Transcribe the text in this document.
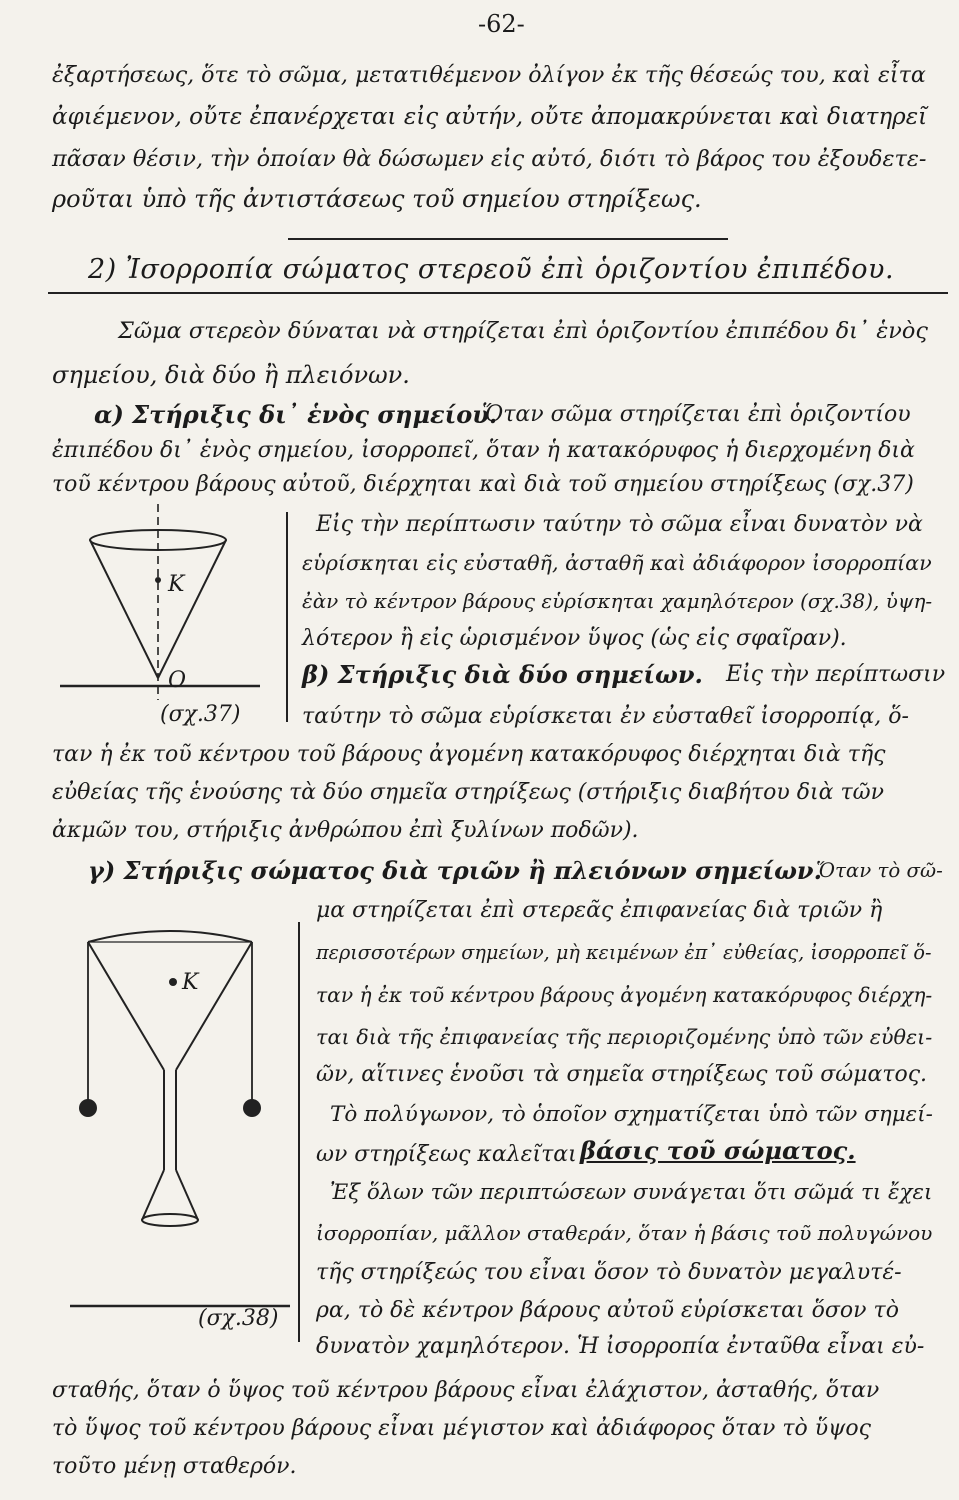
-62-
ἐξαρτήσεως, ὅτε τὸ σῶμα, μετατιθέμενον ὀλίγον ἐκ τῆς θέσεώς του, καὶ εἶτα
ἀφιέμενον, οὔτε ἐπανέρχεται εἰς αὐτήν, οὔτε ἀπομακρύνεται καὶ διατηρεῖ
πᾶσαν θέσιν, τὴν ὁποίαν θὰ δώσωμεν εἰς αὐτό, διότι τὸ βάρος του ἐξουδετε-
ροῦται ὑπὸ τῆς ἀντιστάσεως τοῦ σημείου στηρίξεως.
2) Ἰσορροπία σώματος στερεοῦ ἐπὶ ὁριζοντίου ἐπιπέδου.
Σῶμα στερεὸν δύναται νὰ στηρίζεται ἐπὶ ὁριζοντίου ἐπιπέδου δι᾽ ἑνὸς
σημείου, διὰ δύο ἢ πλειόνων.
α) Στήριξις δι᾽ ἑνὸς σημείου.
Ὅταν σῶμα στηρίζεται ἐπὶ ὁριζοντίου
ἐπιπέδου δι᾽ ἑνὸς σημείου, ἰσορροπεῖ, ὅταν ἡ κατακόρυφος ἡ διερχομένη διὰ
τοῦ κέντρου βάρους αὐτοῦ, διέρχηται καὶ διὰ τοῦ σημείου στηρίξεως (σχ.37)
K
O
(σχ.37)
Εἰς τὴν περίπτωσιν ταύτην τὸ σῶμα εἶναι δυνατὸν νὰ
εὑρίσκηται εἰς εὐσταθῆ, ἀσταθῆ καὶ ἀδιάφορον ἰσορροπίαν
ἐὰν τὸ κέντρον βάρους εὑρίσκηται χαμηλότερον (σχ.38), ὑψη-
λότερον ἢ εἰς ὡρισμένον ὕψος (ὡς εἰς σφαῖραν).
β) Στήριξις διὰ δύο σημείων. Εἰς τὴν περίπτωσιν
ταύτην τὸ σῶμα εὑρίσκεται ἐν εὐσταθεῖ ἰσορροπίᾳ, ὅ-
ταν ἡ ἐκ τοῦ κέντρου τοῦ βάρους ἀγομένη κατακόρυφος διέρχηται διὰ τῆς
εὐθείας τῆς ἑνούσης τὰ δύο σημεῖα στηρίξεως (στήριξις διαβήτου διὰ τῶν
ἀκμῶν του, στήριξις ἀνθρώπου ἐπὶ ξυλίνων ποδῶν).
γ) Στήριξις σώματος διὰ τριῶν ἢ πλειόνων σημείων.
Ὅταν τὸ σῶ-
K
(σχ.38)
μα στηρίζεται ἐπὶ στερεᾶς ἐπιφανείας διὰ τριῶν ἢ
περισσοτέρων σημείων, μὴ κειμένων ἐπ᾽ εὐθείας, ἰσορροπεῖ ὅ-
ταν ἡ ἐκ τοῦ κέντρου βάρους ἀγομένη κατακόρυφος διέρχη-
ται διὰ τῆς ἐπιφανείας τῆς περιοριζομένης ὑπὸ τῶν εὐθει-
ῶν, αἵτινες ἑνοῦσι τὰ σημεῖα στηρίξεως τοῦ σώματος.
Τὸ πολύγωνον, τὸ ὁποῖον σχηματίζεται ὑπὸ τῶν σημεί-
ων στηρίξεως καλεῖται βάσις τοῦ σώματος.
Ἐξ ὅλων τῶν περιπτώσεων συνάγεται ὅτι σῶμά τι ἔχει
ἰσορροπίαν, μᾶλλον σταθεράν, ὅταν ἡ βάσις τοῦ πολυγώνου
τῆς στηρίξεώς του εἶναι ὅσον τὸ δυνατὸν μεγαλυτέ-
ρα, τὸ δὲ κέντρον βάρους αὐτοῦ εὑρίσκεται ὅσον τὸ
δυνατὸν χαμηλότερον. Ἡ ἰσορροπία ἐνταῦθα εἶναι εὐ-
σταθής, ὅταν ὁ ὕψος τοῦ κέντρου βάρους εἶναι ἐλάχιστον, ἀσταθής, ὅταν
τὸ ὕψος τοῦ κέντρου βάρους εἶναι μέγιστον καὶ ἀδιάφορος ὅταν τὸ ὕψος
τοῦτο μένῃ σταθερόν.
